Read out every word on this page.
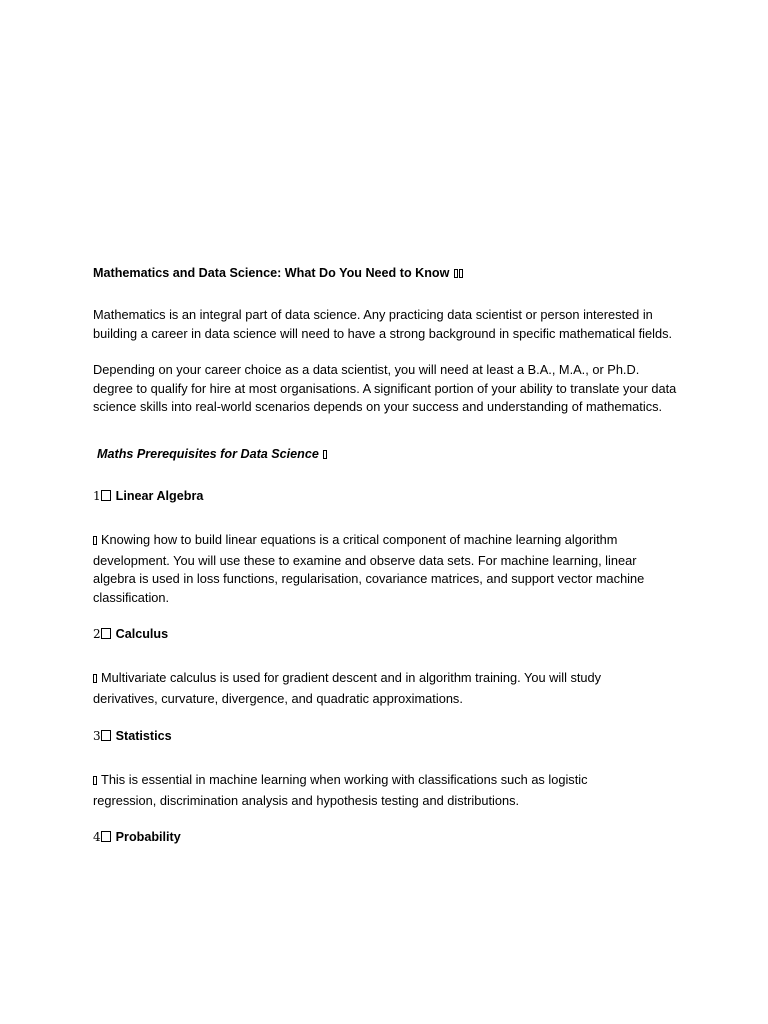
Mathematics and Data Science: What Do You Need to Know

Mathematics is an integral part of data science. Any practicing data scientist or person interested in building a career in data science will need to have a strong background in specific mathematical fields.

Depending on your career choice as a data scientist, you will need at least a B.A., M.A., or Ph.D. degree to qualify for hire at most organisations. A significant portion of your ability to translate your data science skills into real-world scenarios depends on your success and understanding of mathematics.

Maths Prerequisites for Data Science

1 Linear Algebra

Knowing how to build linear equations is a critical component of machine learning algorithm
development. You will use these to examine and observe data sets. For machine learning, linear algebra is used in loss functions, regularisation, covariance matrices, and support vector machine classification.

2 Calculus

Multivariate calculus is used for gradient descent and in algorithm training. You will study
derivatives, curvature, divergence, and quadratic approximations.

3 Statistics

This is essential in machine learning when working with classifications such as logistic
regression, discrimination analysis and hypothesis testing and distributions.

4 Probability
